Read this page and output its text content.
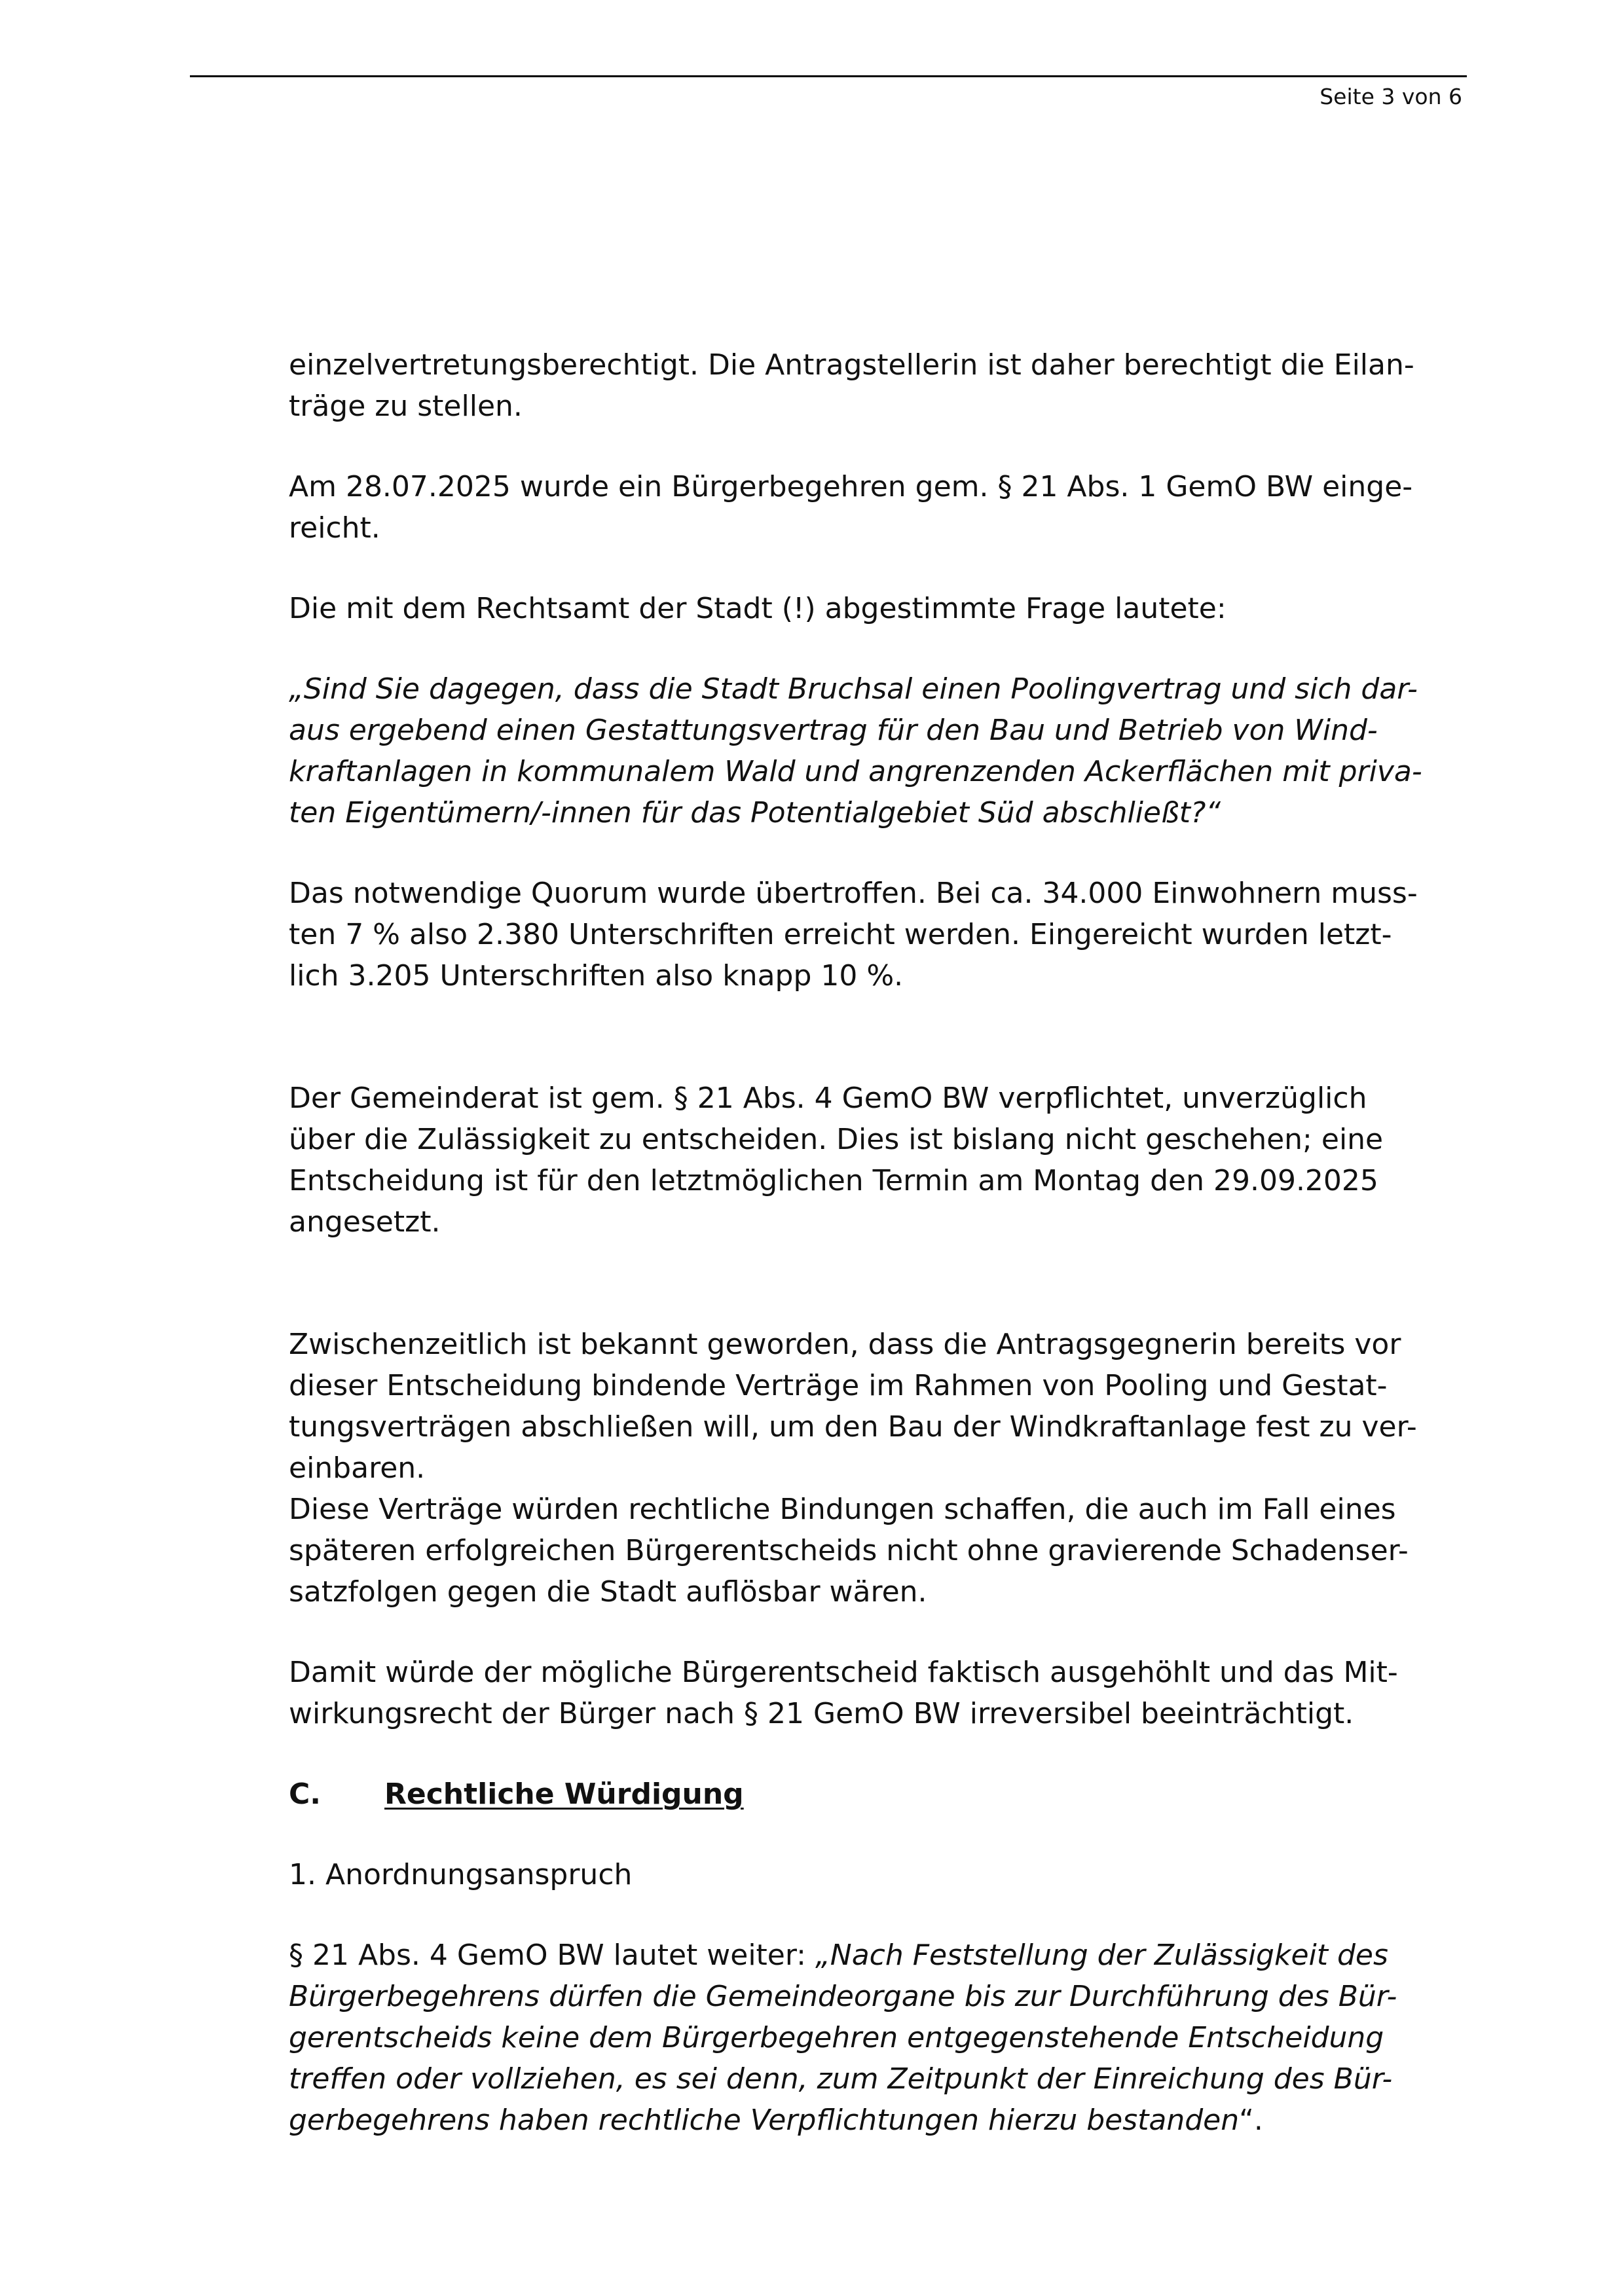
Seite 3 von 6

einzelvertretungsberechtigt. Die Antragstellerin ist daher berechtigt die Eilan-
träge zu stellen.

Am 28.07.2025 wurde ein Bürgerbegehren gem. § 21 Abs. 1 GemO BW einge-
reicht.

Die mit dem Rechtsamt der Stadt (!) abgestimmte Frage lautete:

„Sind Sie dagegen, dass die Stadt Bruchsal einen Poolingvertrag und sich dar-
aus ergebend einen Gestattungsvertrag für den Bau und Betrieb von Wind-
kraftanlagen in kommunalem Wald und angrenzenden Ackerflächen mit priva-
ten Eigentümern/-innen für das Potentialgebiet Süd abschließt?“

Das notwendige Quorum wurde übertroffen. Bei ca. 34.000 Einwohnern muss-
ten 7 % also 2.380 Unterschriften erreicht werden. Eingereicht wurden letzt-
lich 3.205 Unterschriften also knapp 10 %.

Der Gemeinderat ist gem. § 21 Abs. 4 GemO BW verpflichtet, unverzüglich
über die Zulässigkeit zu entscheiden. Dies ist bislang nicht geschehen; eine
Entscheidung ist für den letztmöglichen Termin am Montag den 29.09.2025
angesetzt.

Zwischenzeitlich ist bekannt geworden, dass die Antragsgegnerin bereits vor
dieser Entscheidung bindende Verträge im Rahmen von Pooling und Gestat-
tungsverträgen abschließen will, um den Bau der Windkraftanlage fest zu ver-
einbaren.
Diese Verträge würden rechtliche Bindungen schaffen, die auch im Fall eines
späteren erfolgreichen Bürgerentscheids nicht ohne gravierende Schadenser-
satzfolgen gegen die Stadt auflösbar wären.

Damit würde der mögliche Bürgerentscheid faktisch ausgehöhlt und das Mit-
wirkungsrecht der Bürger nach § 21 GemO BW irreversibel beeinträchtigt.

C. Rechtliche Würdigung

1. Anordnungsanspruch

§ 21 Abs. 4 GemO BW lautet weiter: „Nach Feststellung der Zulässigkeit des
Bürgerbegehrens dürfen die Gemeindeorgane bis zur Durchführung des Bür-
gerentscheids keine dem Bürgerbegehren entgegenstehende Entscheidung
treffen oder vollziehen, es sei denn, zum Zeitpunkt der Einreichung des Bür-
gerbegehrens haben rechtliche Verpflichtungen hierzu bestanden“.
